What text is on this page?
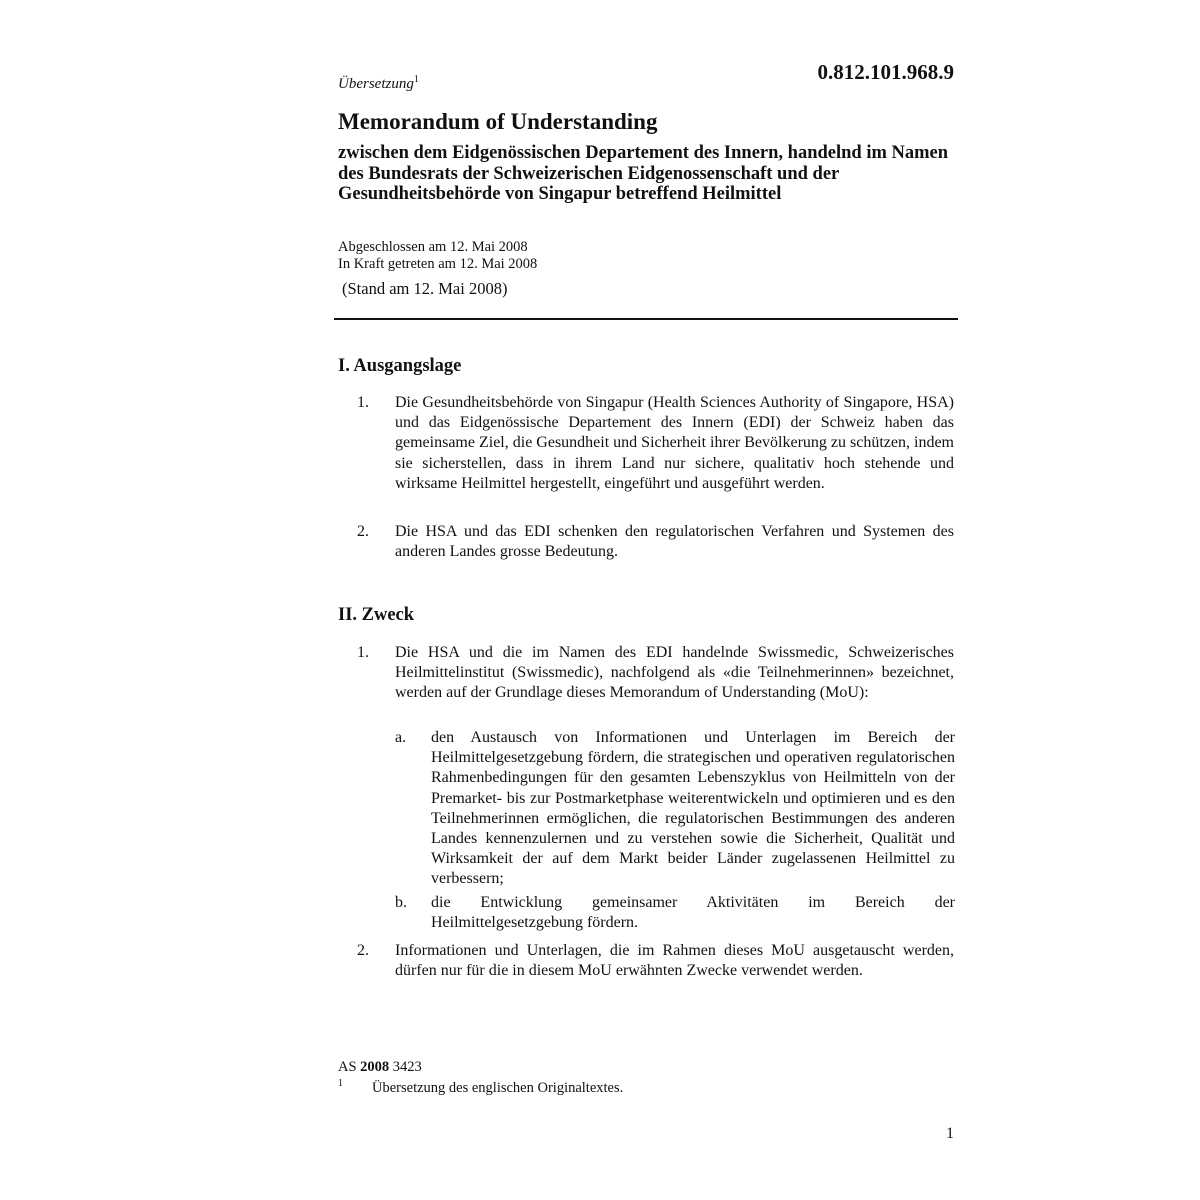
Übersetzung$^1$	0.812.101.968.9
Memorandum of Understanding
zwischen dem Eidgenössischen Departement des Innern, handelnd im Namen des Bundesrats der Schweizerischen Eidgenossenschaft und der Gesundheitsbehörde von Singapur betreffend Heilmittel
Abgeschlossen am 12. Mai 2008
In Kraft getreten am 12. Mai 2008
(Stand am 12. Mai 2008)
I. Ausgangslage
1.	Die Gesundheitsbehörde von Singapur (Health Sciences Authority of Singapore, HSA) und das Eidgenössische Departement des Innern (EDI) der Schweiz haben das gemeinsame Ziel, die Gesundheit und Sicherheit ihrer Bevölkerung zu schützen, indem sie sicherstellen, dass in ihrem Land nur sichere, qualitativ hoch stehende und wirksame Heilmittel hergestellt, eingeführt und ausgeführt werden.
2.	Die HSA und das EDI schenken den regulatorischen Verfahren und Systemen des anderen Landes grosse Bedeutung.
II. Zweck
1.	Die HSA und die im Namen des EDI handelnde Swissmedic, Schweizerisches Heilmittelinstitut (Swissmedic), nachfolgend als «die Teilnehmerinnen» bezeichnet, werden auf der Grundlage dieses Memorandum of Understanding (MoU):
a. den Austausch von Informationen und Unterlagen im Bereich der Heilmittelgesetzgebung fördern, die strategischen und operativen regulatorischen Rahmenbedingungen für den gesamten Lebenszyklus von Heilmitteln von der Premarket- bis zur Postmarketphase weiterentwickeln und optimieren und es den Teilnehmerinnen ermöglichen, die regulatorischen Bestimmungen des anderen Landes kennenzulernen und zu verstehen sowie die Sicherheit, Qualität und Wirksamkeit der auf dem Markt beider Länder zugelassenen Heilmittel zu verbessern;
b. die Entwicklung gemeinsamer Aktivitäten im Bereich der Heilmittelgesetzgebung fördern.
2.	Informationen und Unterlagen, die im Rahmen dieses MoU ausgetauscht werden, dürfen nur für die in diesem MoU erwähnten Zwecke verwendet werden.
AS 2008 3423
1 Übersetzung des englischen Originaltextes.
1
